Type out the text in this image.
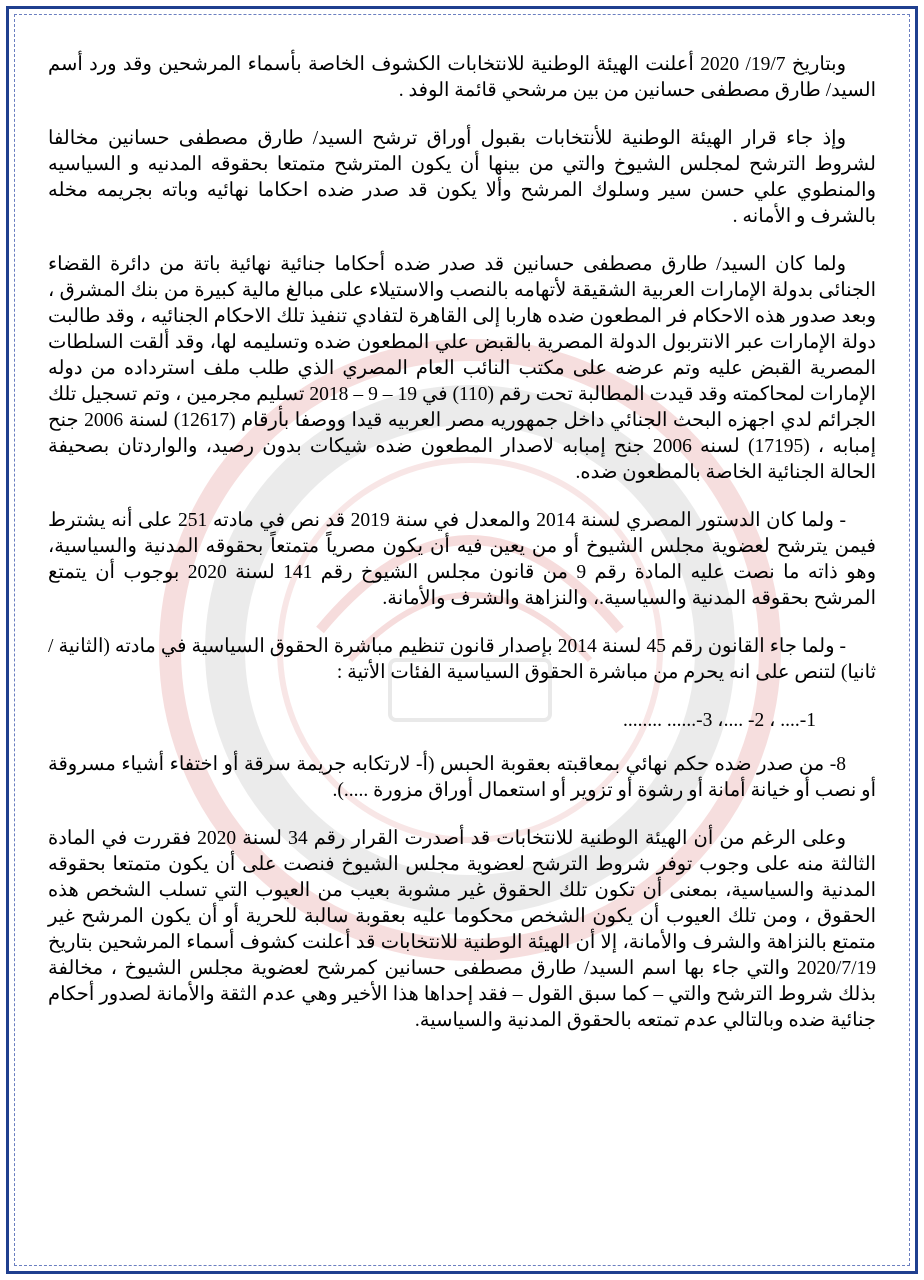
وبتاريخ 19/7/ 2020 أعلنت الهيئة الوطنية للانتخابات الكشوف الخاصة بأسماء المرشحين وقد ورد أسم السيد/ طارق مصطفى حسانين من بين مرشحي قائمة الوفد .

وإذ جاء قرار الهيئة الوطنية للأنتخابات بقبول أوراق ترشح السيد/ طارق مصطفى حسانين مخالفا لشروط الترشح لمجلس الشيوخ والتي من بينها أن يكون المترشح متمتعا بحقوقه المدنيه و السياسيه والمنطوي علي حسن سير وسلوك المرشح وألا يكون قد صدر ضده احكاما نهائيه وباته بجريمه مخله بالشرف و الأمانه .

ولما كان السيد/ طارق مصطفى حسانين قد صدر ضده أحكاما جنائية نهائية باتة من دائرة القضاء الجنائى بدولة الإمارات العربية الشقيقة لأتهامه بالنصب والاستيلاء على مبالغ مالية كبيرة من بنك المشرق ، وبعد صدور هذه الاحكام فر المطعون ضده هاربا إلى القاهرة لتفادي تنفيذ تلك الاحكام الجنائيه ، وقد طالبت دولة الإمارات عبر الانتربول الدولة المصرية بالقبض علي المطعون ضده وتسليمه لها، وقد ألقت السلطات المصرية القبض عليه وتم عرضه على مكتب النائب العام المصري الذي طلب ملف استرداده من دوله الإمارات لمحاكمته وقد قيدت المطالبة تحت رقم (110) في 19 – 9 – 2018 تسليم مجرمين ، وتم تسجيل تلك الجرائم لدي اجهزه البحث الجنائي داخل جمهوريه مصر العربيه قيدا ووصفا بأرقام (12617) لسنة 2006 جنح إمبابه ، (17195) لسنه 2006 جنح إمبابه لاصدار المطعون ضده شيكات بدون رصيد، والواردتان بصحيفة الحالة الجنائية الخاصة بالمطعون ضده.

- ولما كان الدستور المصري لسنة 2014 والمعدل في سنة 2019 قد نص في مادته 251 على أنه يشترط فيمن يترشح لعضوية مجلس الشيوخ أو من يعين فيه أن يكون مصرياً متمتعاً بحقوقه المدنية والسياسية، وهو ذاته ما نصت عليه المادة رقم 9 من قانون مجلس الشيوخ رقم 141 لسنة 2020 بوجوب أن يتمتع المرشح بحقوقه المدنية والسياسية.، والنزاهة والشرف والأمانة.

- ولما جاء القانون رقم 45 لسنة 2014 بإصدار قانون تنظيم مباشرة الحقوق السياسية في مادته (الثانية / ثانيا) لتنص على انه يحرم من مباشرة الحقوق السياسية الفئات الأتية :

1-.... ، 2- ....، 3-...... ........

8- من صدر ضده حكم نهائي بمعاقبته بعقوبة الحبس (أ- لارتكابه جريمة سرقة أو اختفاء أشياء مسروقة أو نصب أو خيانة أمانة أو رشوة أو تزوير أو استعمال أوراق مزورة .....).

وعلى الرغم من أن الهيئة الوطنية للانتخابات قد أصدرت القرار رقم 34 لسنة 2020 فقررت في المادة الثالثة منه على وجوب توفر شروط الترشح لعضوية مجلس الشيوخ فنصت على أن يكون متمتعا بحقوقه المدنية والسياسية، بمعنى أن تكون تلك الحقوق غير مشوبة بعيب من العيوب التي تسلب الشخص هذه الحقوق ، ومن تلك العيوب أن يكون الشخص محكوما عليه بعقوبة سالبة للحرية أو أن يكون المرشح غير متمتع بالنزاهة والشرف والأمانة، إلا أن الهيئة الوطنية للانتخابات قد أعلنت كشوف أسماء المرشحين بتاريخ 2020/7/19 والتي جاء بها اسم السيد/ طارق مصطفى حسانين كمرشح لعضوية مجلس الشيوخ ، مخالفة بذلك شروط الترشح والتي – كما سبق القول – فقد إحداها هذا الأخير وهي عدم الثقة والأمانة لصدور أحكام جنائية ضده وبالتالي عدم تمتعه بالحقوق المدنية والسياسية.
